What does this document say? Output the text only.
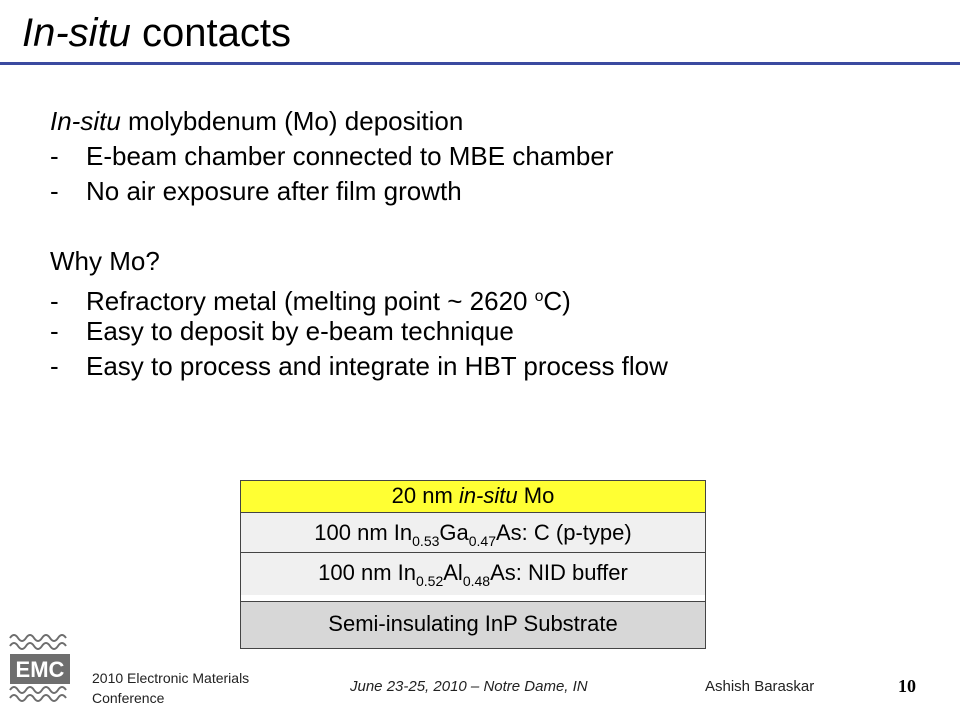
In-situ contacts
In-situ molybdenum (Mo) deposition
- E-beam chamber connected to MBE chamber
- No air exposure after film growth
Why Mo?
- Refractory metal (melting point ~ 2620 $^o$C)
- Easy to deposit by e-beam technique
- Easy to process and integrate in HBT process flow
20 nm in-situ Mo
100 nm $In_{0.53}Ga_{0.47}As$: C (p-type)
100 nm $In_{0.52}Al_{0.48}As$: NID buffer
Semi-insulating InP Substrate
EMC 2010 Electronic Materials
Conference
June 23-25, 2010 – Notre Dame, IN	Ashish Baraskar	10
